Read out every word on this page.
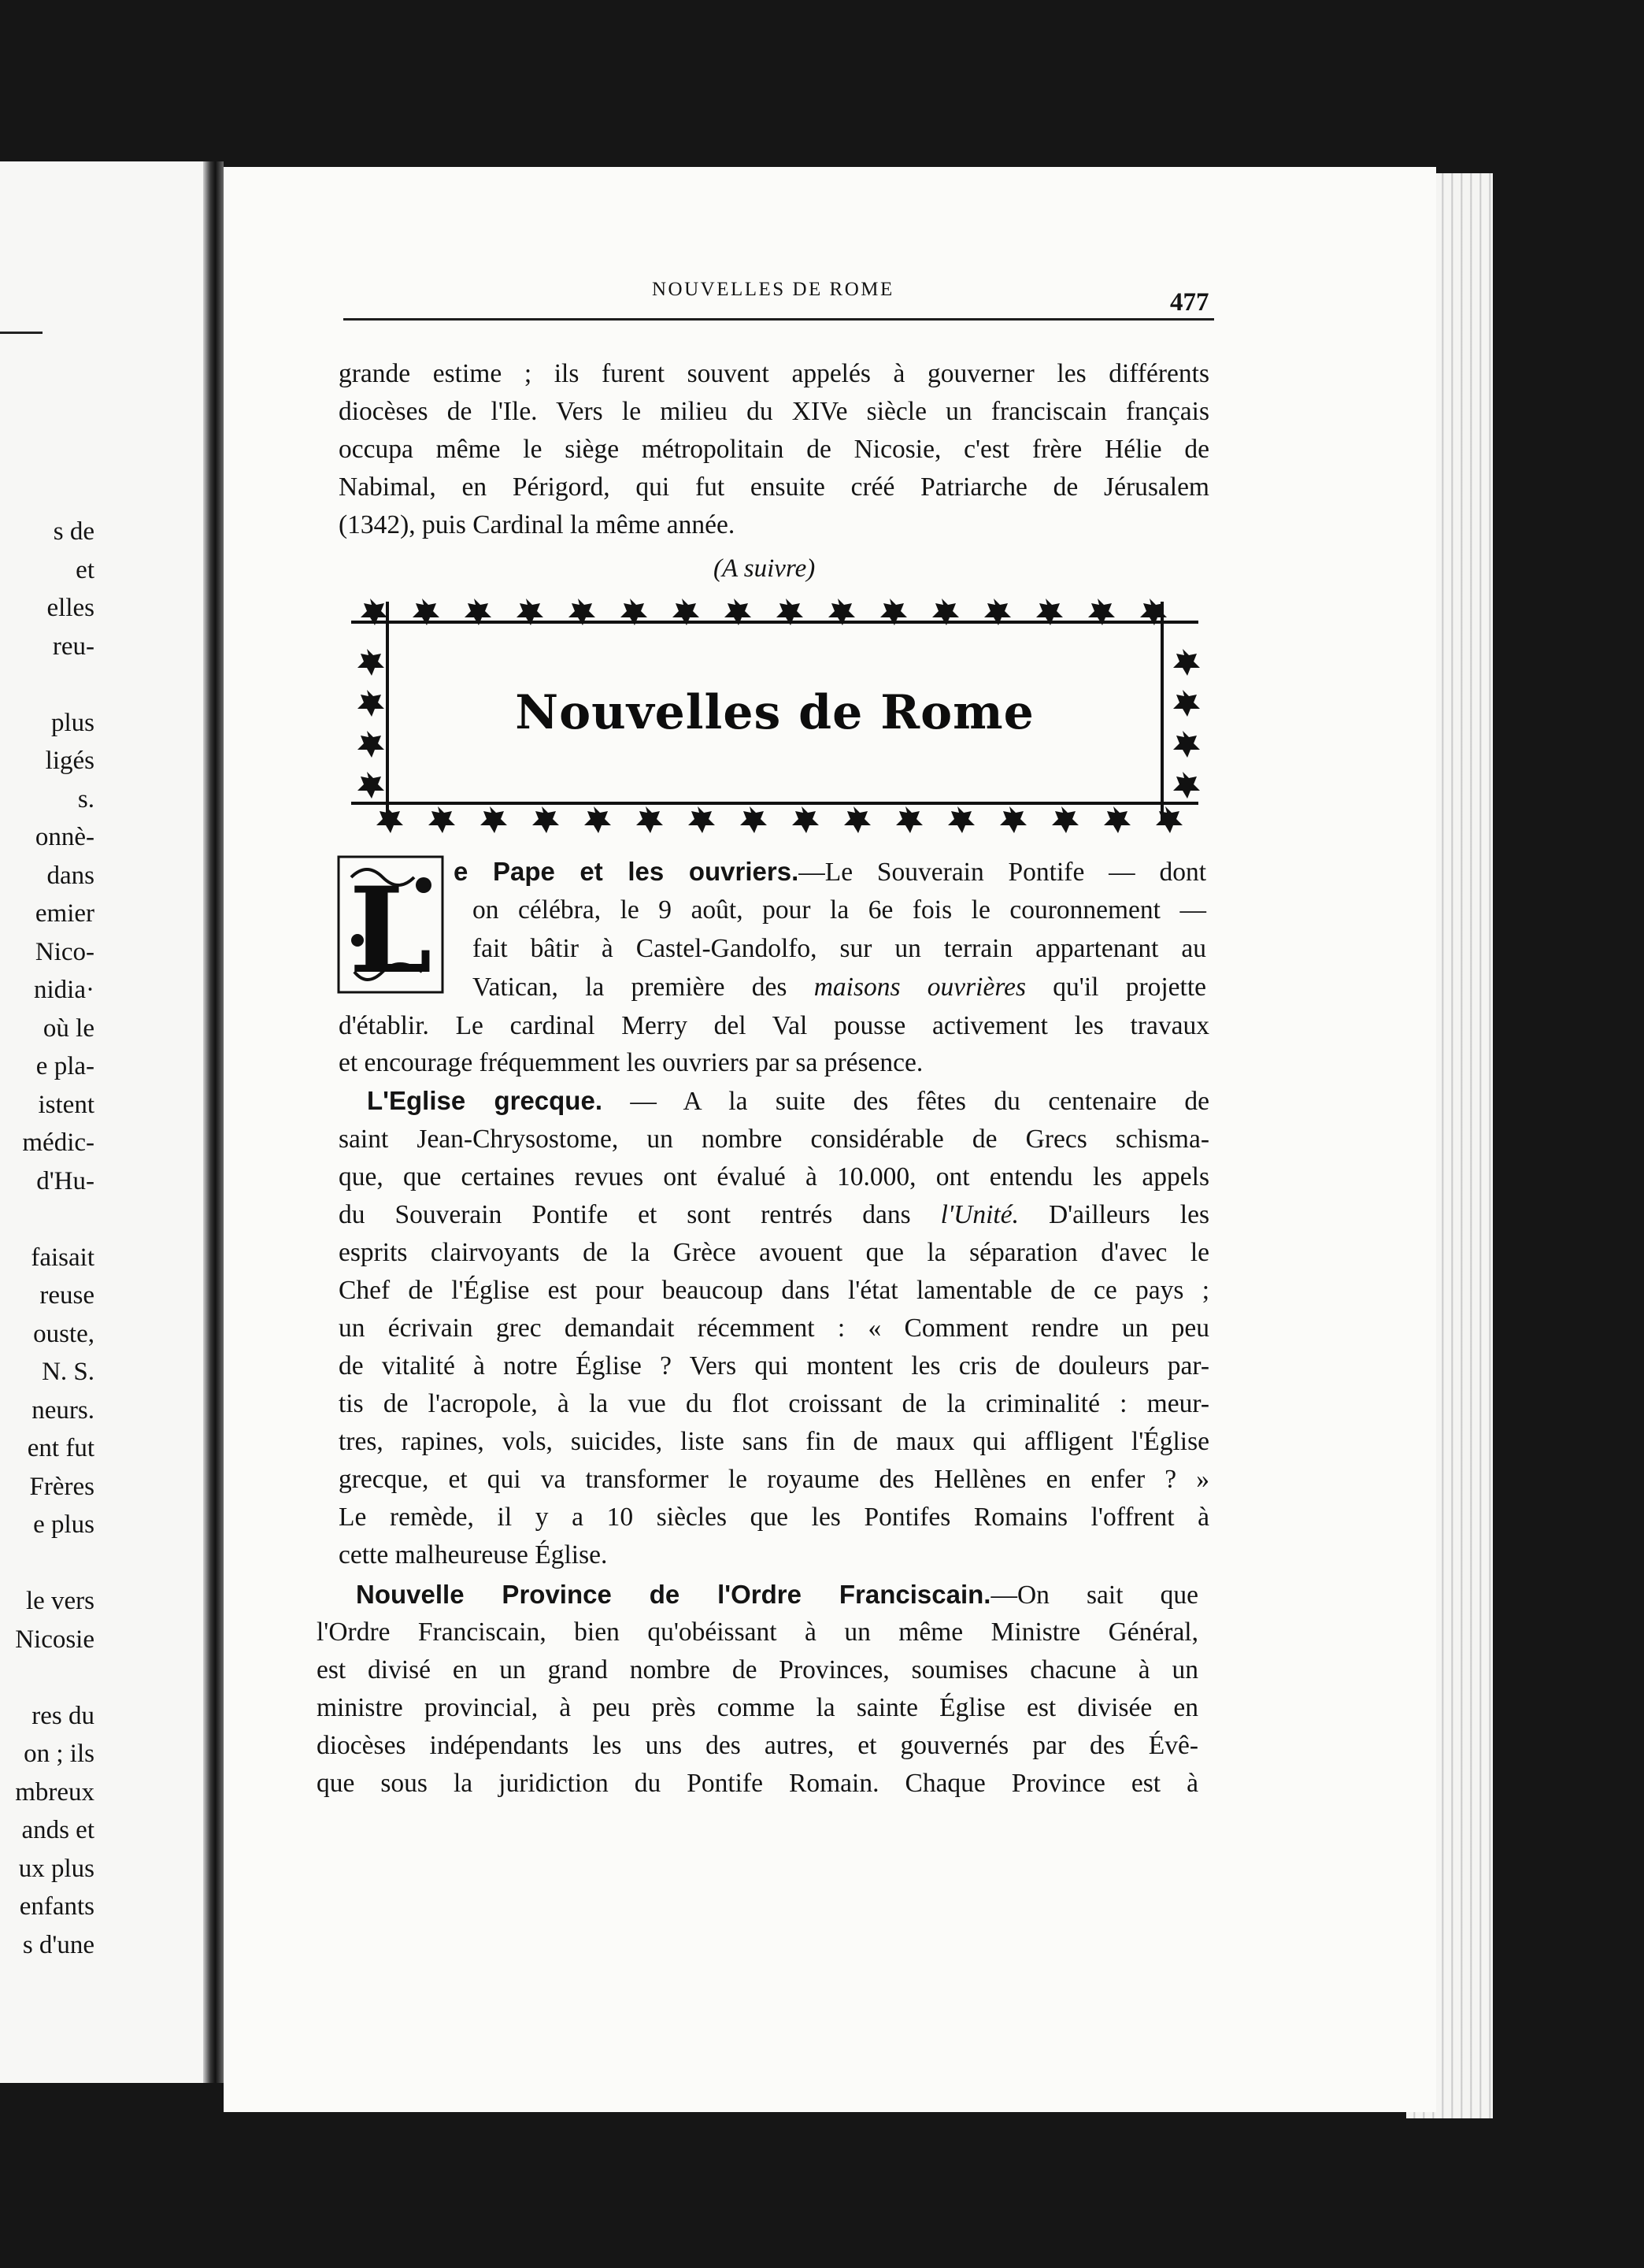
s de
et
elles
reu-
plus
ligés
s.
onnè-
dans
emier
Nico-
nidia·
où le
e pla-
istent
médic-
d'Hu-
faisait
reuse
ouste,
N. S.
neurs.
ent fut
Frères
e plus
le vers
Nicosie
res du
on ; ils
mbreux
ands et
ux plus
enfants
s d'une
NOUVELLES DE ROME	477
grande estime ; ils furent souvent appelés à gouverner les différents
diocèses de l'Ile. Vers le milieu du XIVe siècle un franciscain français
occupa même le siège métropolitain de Nicosie, c'est frère Hélie de
Nabimal, en Périgord, qui fut ensuite créé Patriarche de Jérusalem
(1342), puis Cardinal la même année.
(A suivre)
Nouvelles de Rome
L e Pape et les ouvriers.—Le Souverain Pontife — dont
on célébra, le 9 août, pour la 6e fois le couronnement —
fait bâtir à Castel-Gandolfo, sur un terrain appartenant au
Vatican, la première des maisons ouvrières qu'il projette
d'établir. Le cardinal Merry del Val pousse activement les travaux
et encourage fréquemment les ouvriers par sa présence.
L'Eglise grecque. — A la suite des fêtes du centenaire de
saint Jean-Chrysostome, un nombre considérable de Grecs schisma-
que, que certaines revues ont évalué à 10.000, ont entendu les appels
du Souverain Pontife et sont rentrés dans l'Unité. D'ailleurs les
esprits clairvoyants de la Grèce avouent que la séparation d'avec le
Chef de l'Église est pour beaucoup dans l'état lamentable de ce pays ;
un écrivain grec demandait récemment : « Comment rendre un peu
de vitalité à notre Église ? Vers qui montent les cris de douleurs par-
tis de l'acropole, à la vue du flot croissant de la criminalité : meur-
tres, rapines, vols, suicides, liste sans fin de maux qui affligent l'Église
grecque, et qui va transformer le royaume des Hellènes en enfer ? »
Le remède, il y a 10 siècles que les Pontifes Romains l'offrent à
cette malheureuse Église.
Nouvelle Province de l'Ordre Franciscain.—On sait que
l'Ordre Franciscain, bien qu'obéissant à un même Ministre Général,
est divisé en un grand nombre de Provinces, soumises chacune à un
ministre provincial, à peu près comme la sainte Église est divisée en
diocèses indépendants les uns des autres, et gouvernés par des Évê-
que sous la juridiction du Pontife Romain. Chaque Province est à
